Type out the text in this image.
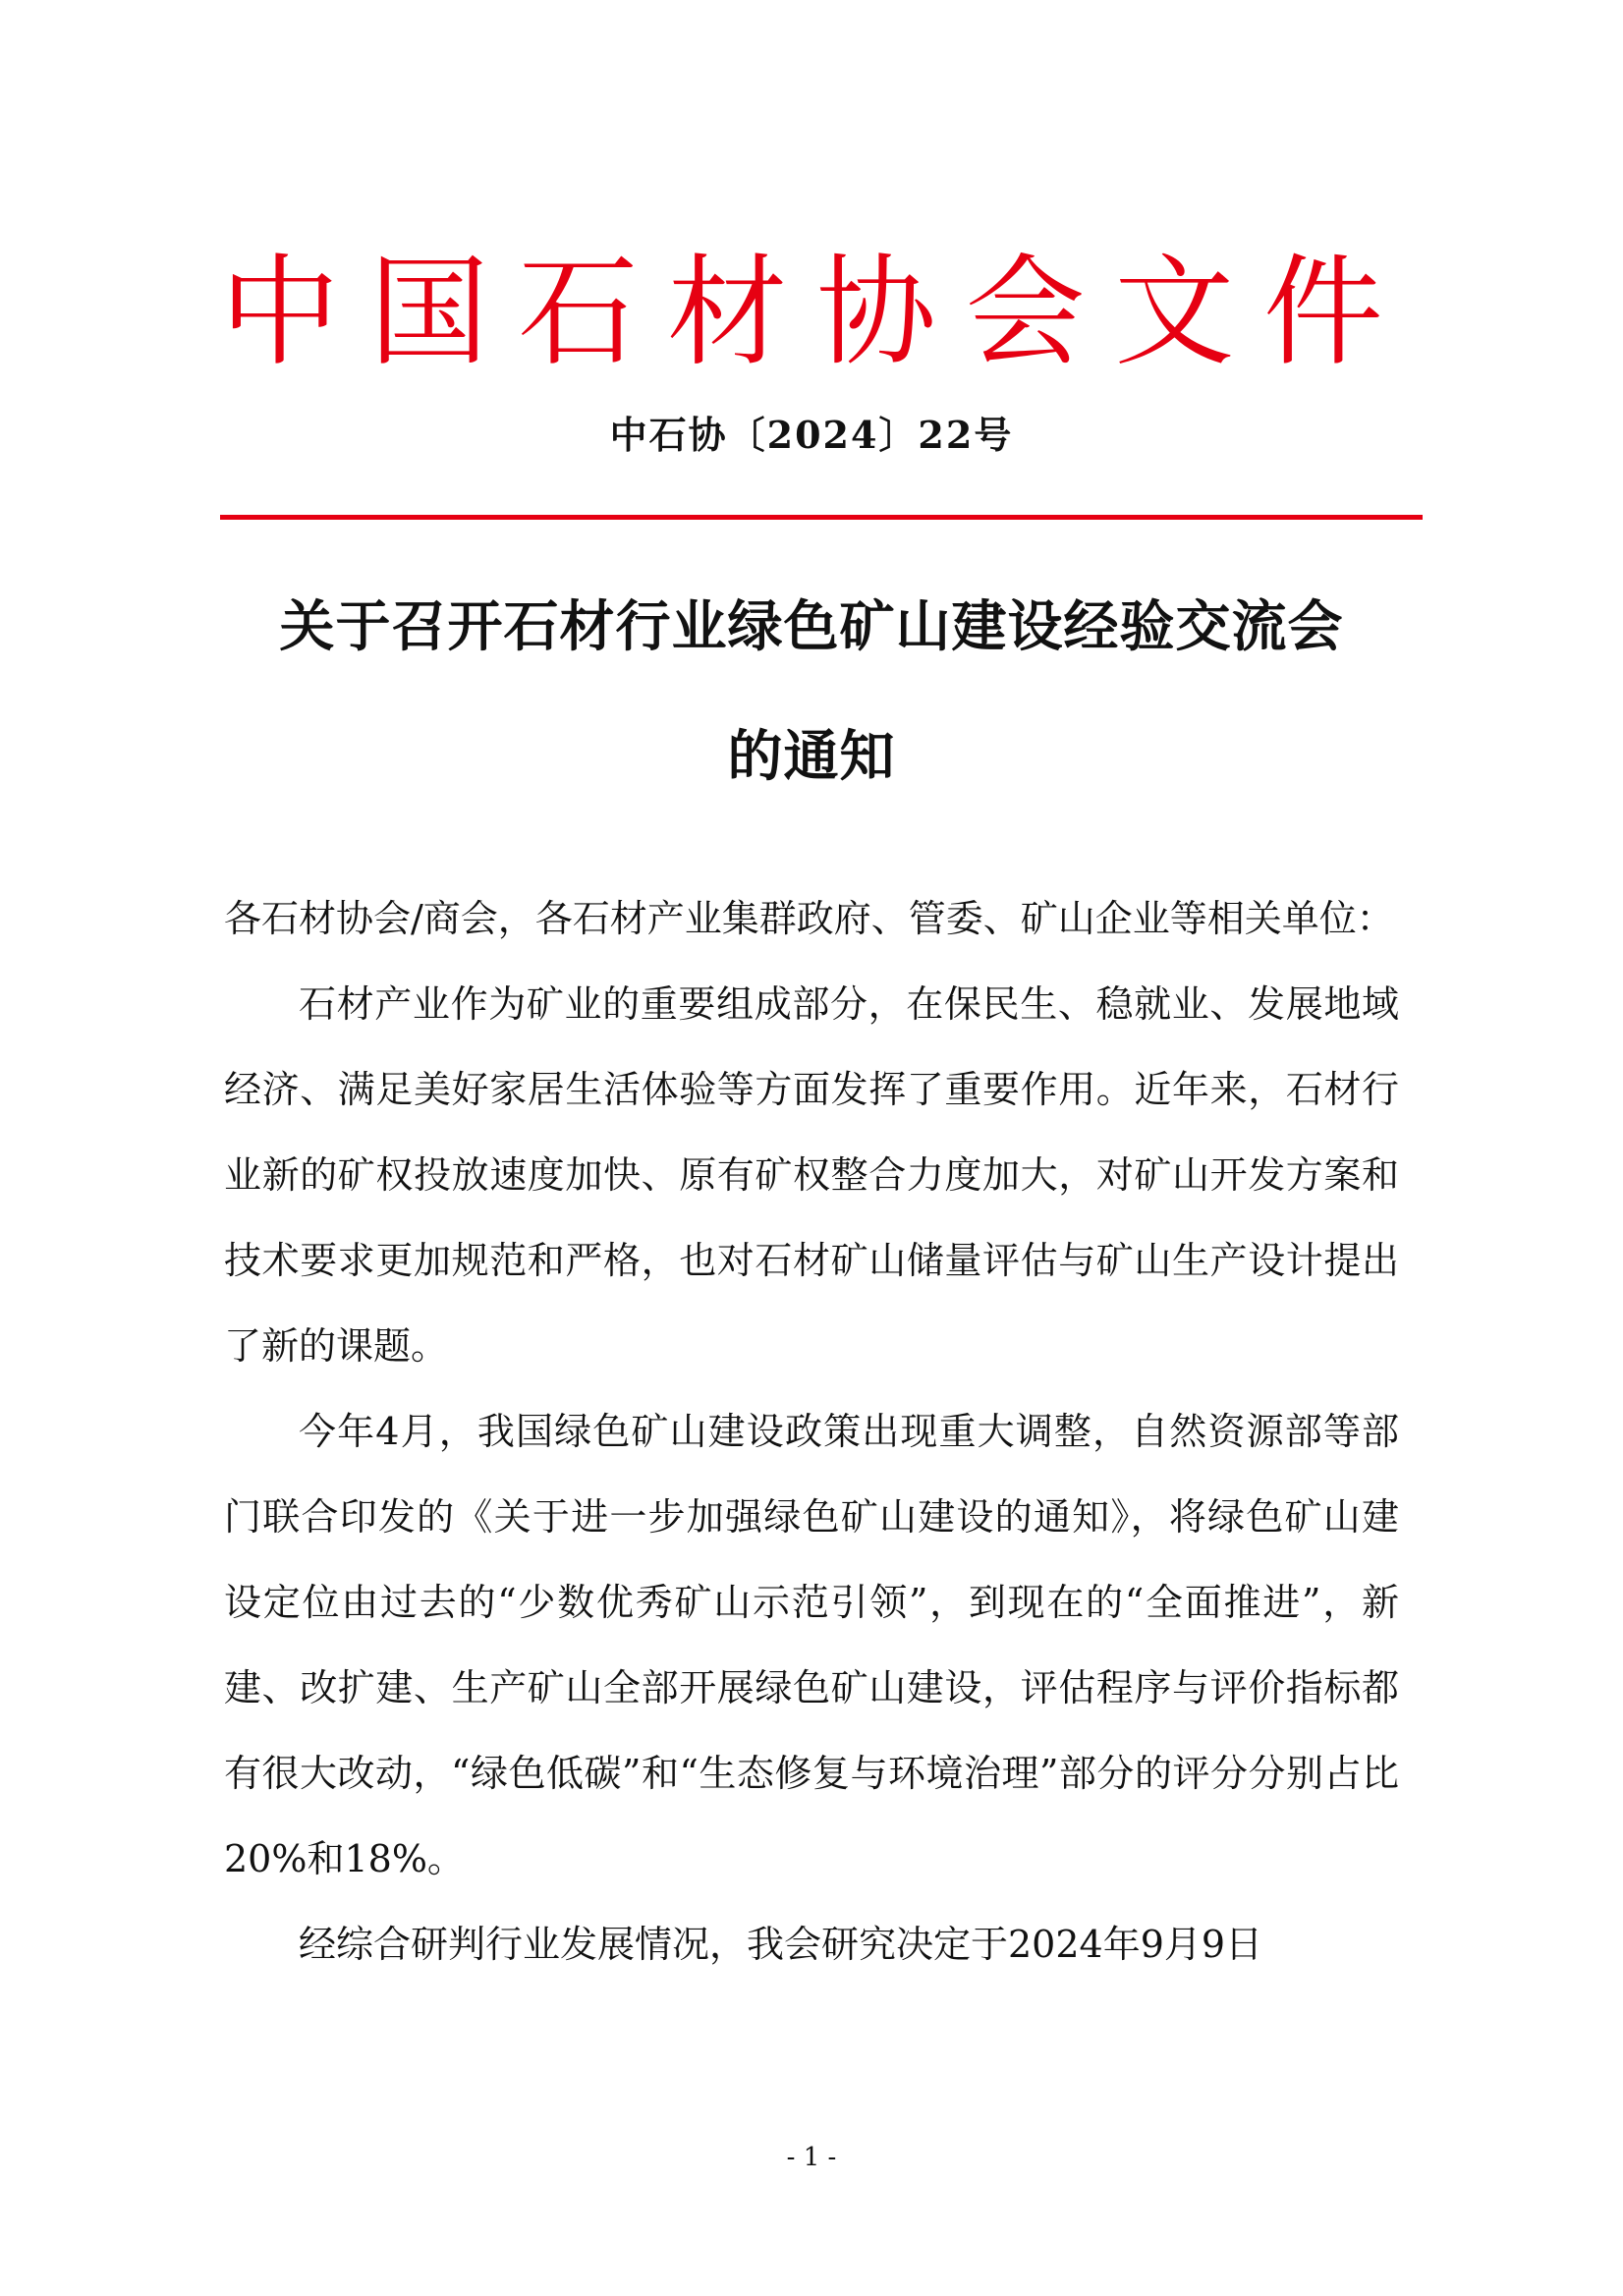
中 国 石 材 协 会 文 件
中石协〔2024〕22号
关于召开石材行业绿色矿山建设经验交流会
的通知

各石材协会/商会，各石材产业集群政府、管委、矿山企业等相关单位：

石材产业作为矿业的重要组成部分，在保民生、稳就业、发展地域经济、满足美好家居生活体验等方面发挥了重要作用。近年来，石材行业新的矿权投放速度加快、原有矿权整合力度加大，对矿山开发方案和技术要求更加规范和严格，也对石材矿山储量评估与矿山生产设计提出了新的课题。

今年4月，我国绿色矿山建设政策出现重大调整，自然资源部等部门联合印发的《关于进一步加强绿色矿山建设的通知》，将绿色矿山建设定位由过去的“少数优秀矿山示范引领”，到现在的“全面推进”，新建、改扩建、生产矿山全部开展绿色矿山建设，评估程序与评价指标都有很大改动，“绿色低碳”和“生态修复与环境治理”部分的评分分别占比20%和18%。

经综合研判行业发展情况，我会研究决定于2024年9月9日

- 1 -
